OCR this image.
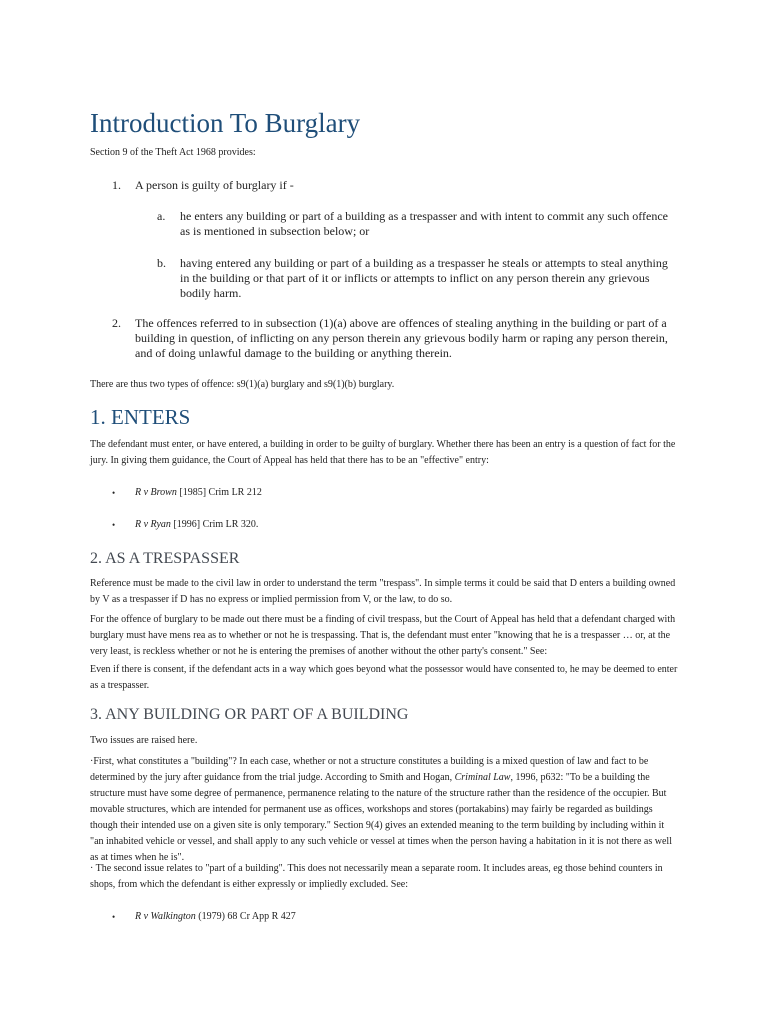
Introduction To Burglary
Section 9 of the Theft Act 1968 provides:
1. A person is guilty of burglary if -
a. he enters any building or part of a building as a trespasser and with intent to commit any such offence as is mentioned in subsection below; or
b. having entered any building or part of a building as a trespasser he steals or attempts to steal anything in the building or that part of it or inflicts or attempts to inflict on any person therein any grievous bodily harm.
2. The offences referred to in subsection (1)(a) above are offences of stealing anything in the building or part of a building in question, of inflicting on any person therein any grievous bodily harm or raping any person therein, and of doing unlawful damage to the building or anything therein.
There are thus two types of offence: s9(1)(a) burglary and s9(1)(b) burglary.
1. ENTERS
The defendant must enter, or have entered, a building in order to be guilty of burglary. Whether there has been an entry is a question of fact for the jury. In giving them guidance, the Court of Appeal has held that there has to be an "effective" entry:
• R v Brown [1985] Crim LR 212
• R v Ryan [1996] Crim LR 320.
2. AS A TRESPASSER
Reference must be made to the civil law in order to understand the term "trespass". In simple terms it could be said that D enters a building owned by V as a trespasser if D has no express or implied permission from V, or the law, to do so.
For the offence of burglary to be made out there must be a finding of civil trespass, but the Court of Appeal has held that a defendant charged with burglary must have mens rea as to whether or not he is trespassing. That is, the defendant must enter "knowing that he is a trespasser … or, at the very least, is reckless whether or not he is entering the premises of another without the other party's consent." See:
Even if there is consent, if the defendant acts in a way which goes beyond what the possessor would have consented to, he may be deemed to enter as a trespasser.
3. ANY BUILDING OR PART OF A BUILDING
Two issues are raised here.
·First, what constitutes a "building"? In each case, whether or not a structure constitutes a building is a mixed question of law and fact to be determined by the jury after guidance from the trial judge. According to Smith and Hogan, Criminal Law, 1996, p632: "To be a building the structure must have some degree of permanence, permanence relating to the nature of the structure rather than the residence of the occupier. But movable structures, which are intended for permanent use as offices, workshops and stores (portakabins) may fairly be regarded as buildings though their intended use on a given site is only temporary." Section 9(4) gives an extended meaning to the term building by including within it "an inhabited vehicle or vessel, and shall apply to any such vehicle or vessel at times when the person having a habitation in it is not there as well as at times when he is".
· The second issue relates to "part of a building". This does not necessarily mean a separate room. It includes areas, eg those behind counters in shops, from which the defendant is either expressly or impliedly excluded. See:
• R v Walkington (1979) 68 Cr App R 427
